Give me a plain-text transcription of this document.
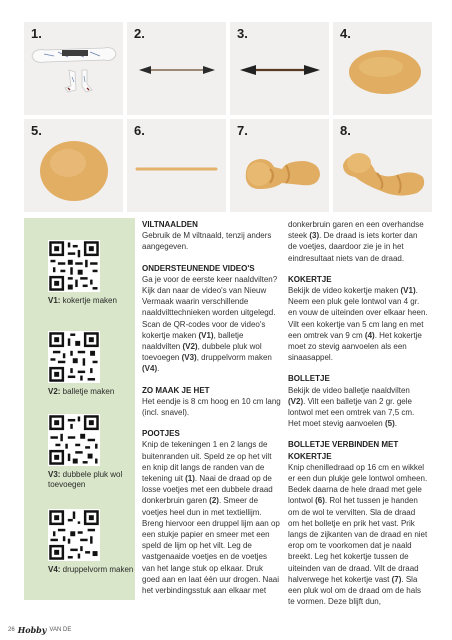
1.	2.	3.	4.
5.	6.	7.	8.
V1: kokertje maken
V2: balletje maken
V3: dubbele pluk wol toevoegen
V4: druppelvorm maken

VILTNAALDEN
Gebruik de M viltnaald, tenzij anders aangegeven.

ONDERSTEUNENDE VIDEO'S
Ga je voor de eerste keer naaldvilten? Kijk dan naar de video's van Nieuw Vermaak waarin verschillende naaldvilttechnieken worden uitgelegd. Scan de QR-codes voor de video's kokertje maken (V1), balletje naaldvilten (V2), dubbele pluk wol toevoegen (V3), druppelvorm maken (V4).

ZO MAAK JE HET
Het eendje is 8 cm hoog en 10 cm lang (incl. snavel).

POOTJES
Knip de tekeningen 1 en 2 langs de buitenranden uit. Speld ze op het vilt en knip dit langs de randen van de tekening uit (1). Naai de draad op de losse voetjes met een dubbele draad donkerbruin garen (2). Smeer de voetjes heel dun in met textiellijm. Breng hiervoor een druppel lijm aan op een stukje papier en smeer met een speld de lijm op het vilt. Leg de vastgenaaide voetjes en de voetjes van het lange stuk op elkaar. Druk goed aan en laat één uur drogen. Naai het verbindingsstuk aan elkaar met

donkerbruin garen en een overhandse steek (3). De draad is iets korter dan de voetjes, daardoor zie je in het eindresultaat niets van de draad.

KOKERTJE
Bekijk de video kokertje maken (V1). Neem een pluk gele lontwol van 4 gr. en vouw de uiteinden over elkaar heen. Vilt een kokertje van 5 cm lang en met een omtrek van 9 cm (4). Het kokertje moet zo stevig aanvoelen als een sinaasappel.

BOLLETJE
Bekijk de video balletje naaldvilten (V2). Vilt een balletje van 2 gr. gele lontwol met een omtrek van 7,5 cm. Het moet stevig aanvoelen (5).

BOLLETJE VERBINDEN MET KOKERTJE
Knip chenilledraad op 16 cm en wikkel er een dun plukje gele lontwol omheen. Bedek daarna de hele draad met gele lontwol (6). Rol het tussen je handen om de wol te vervilten. Sla de draad om het bolletje en prik het vast. Prik langs de zijkanten van de draad en niet erop om te voorkomen dat je naald breekt. Leg het kokertje tussen de uiteinden van de draad. Vilt de draad halverwege het kokertje vast (7). Sla een pluk wol om de draad om de hals te vormen. Deze blijft dun,

26 Hobby VAN DE
